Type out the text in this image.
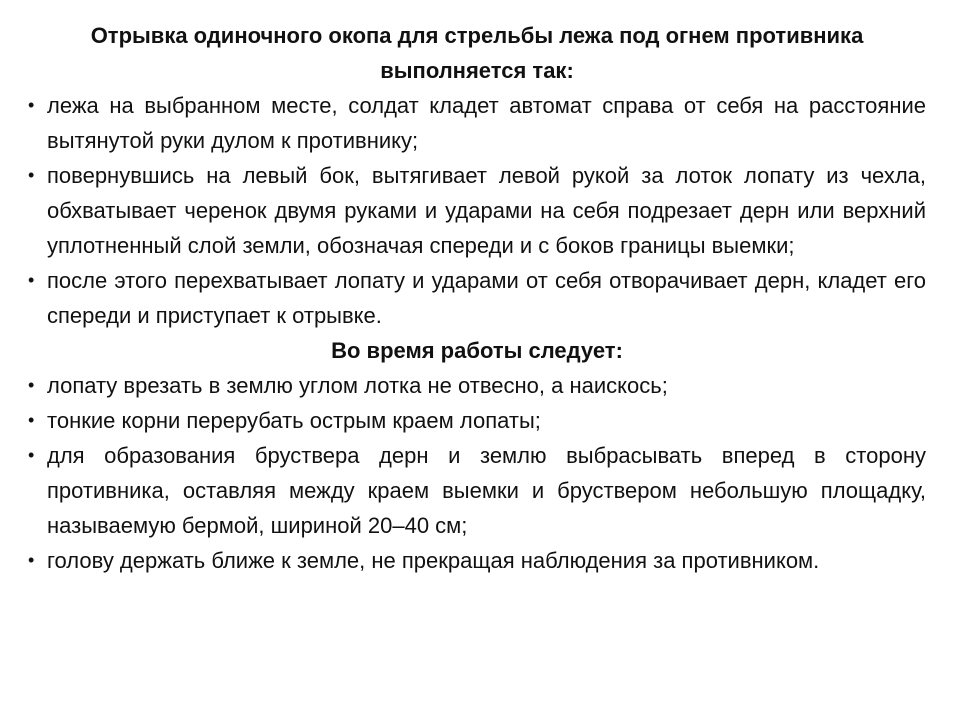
Отрывка одиночного окопа для стрельбы лежа под огнем противника выполняется так:
• лежа на выбранном месте, солдат кладет автомат справа от себя на расстояние вытянутой руки дулом к противнику;
• повернувшись на левый бок, вытягивает левой рукой за лоток лопату из чехла, обхватывает черенок двумя руками и ударами на себя подрезает дерн или верхний уплотненный слой земли, обозначая спереди и с боков границы выемки;
• после этого перехватывает лопату и ударами от себя отворачивает дерн, кладет его спереди и приступает к отрывке.
Во время работы следует:
• лопату врезать в землю углом лотка не отвесно, а наискось;
• тонкие корни перерубать острым краем лопаты;
• для образования бруствера дерн и землю выбрасывать вперед в сторону противника, оставляя между краем выемки и бруствером небольшую площадку, называемую бермой, шириной 20–40 см;
• голову держать ближе к земле, не прекращая наблюдения за противником.
